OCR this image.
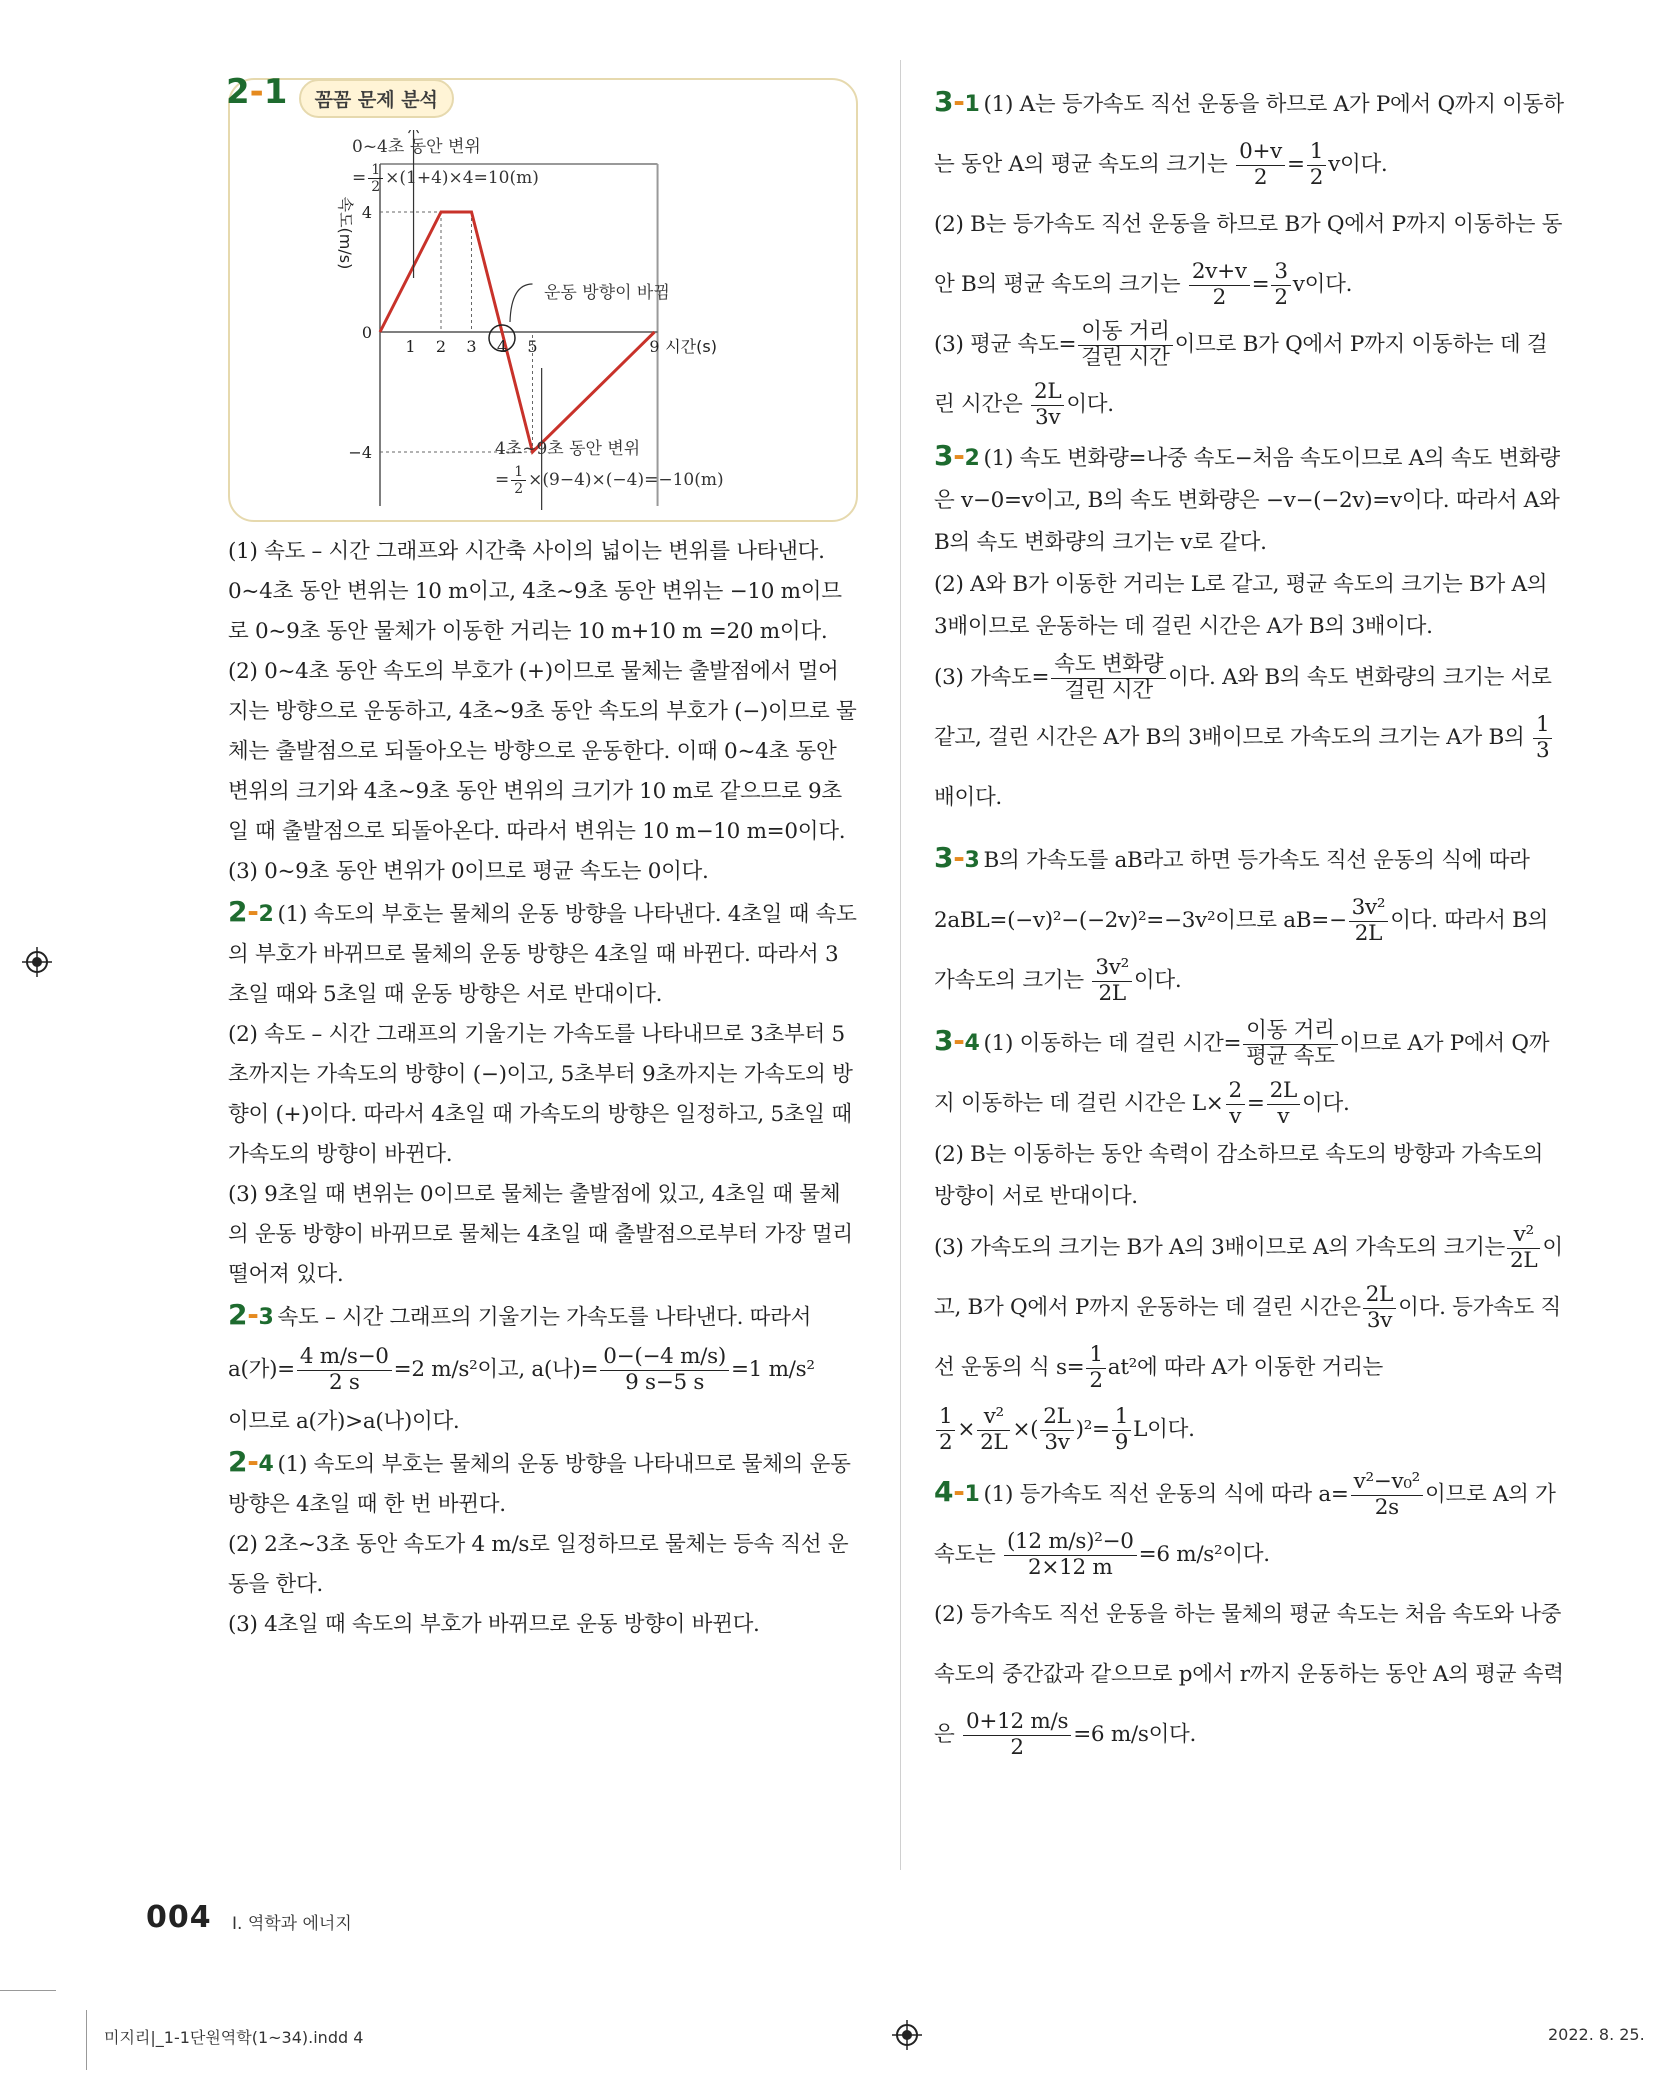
2-1 꼼꼼 문제 분석
1 2 3 4 5	9
4
0
−4
시간(s)
속도(m/s)
0~4초 동안 변위
= $\frac{1}{2} \times(1+4)\times 4=10(m)$
4초~9초 동안 변위
= $\frac{1}{2} \times(9-4)\times(-4)=-10(m)$
운동 방향이 바뀜

(1) 속도 – 시간 그래프와 시간축 사이의 넓이는 변위를 나타낸다. 0~4초 동안 변위는 10 m이고, 4초~9초 동안 변위는 −10 m이므로 0~9초 동안 물체가 이동한 거리는 10 m+10 m =20 m이다.

(2) 0~4초 동안 속도의 부호가 (+)이므로 물체는 출발점에서 멀어지는 방향으로 운동하고, 4초~9초 동안 속도의 부호가 (−)이므로 물체는 출발점으로 되돌아오는 방향으로 운동한다. 이때 0~4초 동안 변위의 크기와 4초~9초 동안 변위의 크기가 10 m로 같으므로 9초일 때 출발점으로 되돌아온다. 따라서 변위는 10 m−10 m=0이다.

(3) 0~9초 동안 변위가 0이므로 평균 속도는 0이다.

2-2 (1) 속도의 부호는 물체의 운동 방향을 나타낸다. 4초일 때 속도의 부호가 바뀌므로 물체의 운동 방향은 4초일 때 바뀐다. 따라서 3초일 때와 5초일 때 운동 방향은 서로 반대이다.

(2) 속도 – 시간 그래프의 기울기는 가속도를 나타내므로 3초부터 5초까지는 가속도의 방향이 (−)이고, 5초부터 9초까지는 가속도의 방향이 (+)이다. 따라서 4초일 때 가속도의 방향은 일정하고, 5초일 때 가속도의 방향이 바뀐다.

(3) 9초일 때 변위는 0이므로 물체는 출발점에 있고, 4초일 때 물체의 운동 방향이 바뀌므로 물체는 4초일 때 출발점으로부터 가장 멀리 떨어져 있다.

2-3 속도 – 시간 그래프의 기울기는 가속도를 나타낸다. 따라서

a(가)= $\frac{4 m/s-0}{2 s} =2$ m/s²이고, a(나)= $\frac{0-(-4 m/s)}{9 s-5 s} =1$ m/s²

이므로 a(가)>a(나)이다.

2-4 (1) 속도의 부호는 물체의 운동 방향을 나타내므로 물체의 운동 방향은 4초일 때 한 번 바뀐다.

(2) 2초~3초 동안 속도가 4 m/s로 일정하므로 물체는 등속 직선 운동을 한다.

(3) 4초일 때 속도의 부호가 바뀌므로 운동 방향이 바뀐다.

3-1 (1) A는 등가속도 직선 운동을 하므로 A가 P에서 Q까지 이동하는 동안 A의 평균 속도의 크기는 $\frac{0+v}{2} = \frac{1}{2}$ v이다.

(2) B는 등가속도 직선 운동을 하므로 B가 Q에서 P까지 이동하는 동안 B의 평균 속도의 크기는 $\frac{2v+v}{2} = \frac{3}{2}$ v이다.

(3) 평균 속도= $\frac{\text{이동 거리}}{\text{걸린 시간}}$ 이므로 B가 Q에서 P까지 이동하는 데 걸린 시간은 $\frac{2L}{3v}$ 이다.

3-2 (1) 속도 변화량=나중 속도−처음 속도이므로 A의 속도 변화량은 v−0=v이고, B의 속도 변화량은 −v−(−2v)=v이다. 따라서 A와 B의 속도 변화량의 크기는 v로 같다.

(2) A와 B가 이동한 거리는 L로 같고, 평균 속도의 크기는 B가 A의 3배이므로 운동하는 데 걸린 시간은 A가 B의 3배이다.

(3) 가속도= $\frac{\text{속도 변화량}}{\text{걸린 시간}}$ 이다. A와 B의 속도 변화량의 크기는 서로 같고, 걸린 시간은 A가 B의 3배이므로 가속도의 크기는 A가 B의 $\frac{1}{3}$
배이다.

3-3 B의 가속도를 aB라고 하면 등가속도 직선 운동의 식에 따라 2aBL=(−v)²−(−2v)²=−3v²이므로 $aB=- \frac{\text{3v²}}{2L}$ 이다. 따라서 B의 가속도의 크기는 $\frac{\text{3v²}}{2L}$ 이다.

3-4 (1) 이동하는 데 걸린 시간= $\frac{\text{이동 거리}}{\text{평균 속도}}$ 이므로 A가 P에서 Q까지 이동하는 데 걸린 시간은 $L\times \frac{2}{v} = \frac{2L}{v}$ 이다.

(2) B는 이동하는 동안 속력이 감소하므로 속도의 방향과 가속도의 방향이 서로 반대이다.

(3) 가속도의 크기는 B가 A의 3배이므로 A의 가속도의 크기는 $\frac{\text{v²}}{2L}$ 이고, B가 Q에서 P까지 운동하는 데 걸린 시간은 $\frac{2L}{3v}$ 이다. 등가속도 직선 운동의 식 $s= \frac{1}{2} at^2$에 따라 A가 이동한 거리는

$\frac{1}{2} \times \frac{\text{v²}}{2L}$ ×( $\frac{2L}{3v} )^2= \frac{1}{9}$ L이다.

4-1 (1) 등가속도 직선 운동의 식에 따라 $a= \frac{\text{v²−v₀²}}{2s}$ 이므로 A의 가속도는 $\frac{\text{(12 m/s)²−0}}{2\times 12 m} =6$ m/s²이다.

(2) 등가속도 직선 운동을 하는 물체의 평균 속도는 처음 속도와 나중 속도의 중간값과 같으므로 p에서 r까지 운동하는 동안 A의 평균 속력은 $\frac{0+12 m/s}{2} =6$ m/s이다.

004 Ⅰ. 역학과 에너지
미지리|_1-1단원역학(1~34).indd 4	2022. 8. 25.
